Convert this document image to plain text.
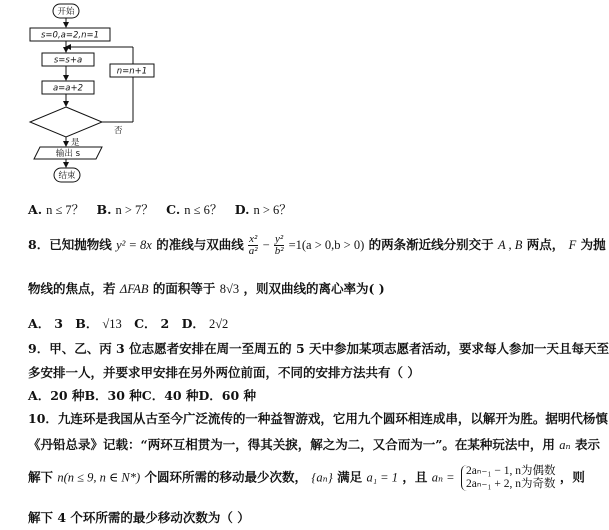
开始
s=0,a=2,n=1
s=s+a
a=a+2
n=n+1
否
是
输出 s
结束
A. n ≤ 7？ B. n > 7？ C. n ≤ 6？ D. n > 6？
8．已知抛物线 y² = 8x 的准线与双曲线 $\frac{\text{x²}}{\text{a²}} - \frac{\text{y²}}{\text{b²}} =1(a > 0,b > 0)$ 的两条渐近线分别交于 A , B 两点， F 为抛
物线的焦点，若 ΔFAB 的面积等于 8√3 ，则双曲线的离心率为( )
A． 3 B． √13 C． 2 D． 2√2
9．甲、乙、丙 3 位志愿者安排在周一至周五的 5 天中参加某项志愿者活动，要求每人参加一天且每天至
多安排一人，并要求甲安排在另外两位前面，不同的安排方法共有（ ）
A．20 种B．30 种C．40 种D．60 种
10．九连环是我国从古至今广泛流传的一种益智游戏，它用九个圆环相连成串，以解开为胜。据明代杨慎
《丹铅总录》记载：“两环互相贯为一，得其关捩，解之为二，又合而为一”。在某种玩法中，用 aₙ 表示
解下 n(n ≤ 9, n ∈ N*) 个圆环所需的移动最少次数， {aₙ} 满足 a₁ = 1 ，且 aₙ = 2aₙ₋₁ − 1, n为偶数
2aₙ₋₁ + 2, n为奇数 ，则
解下 4 个环所需的最少移动次数为（ ）
